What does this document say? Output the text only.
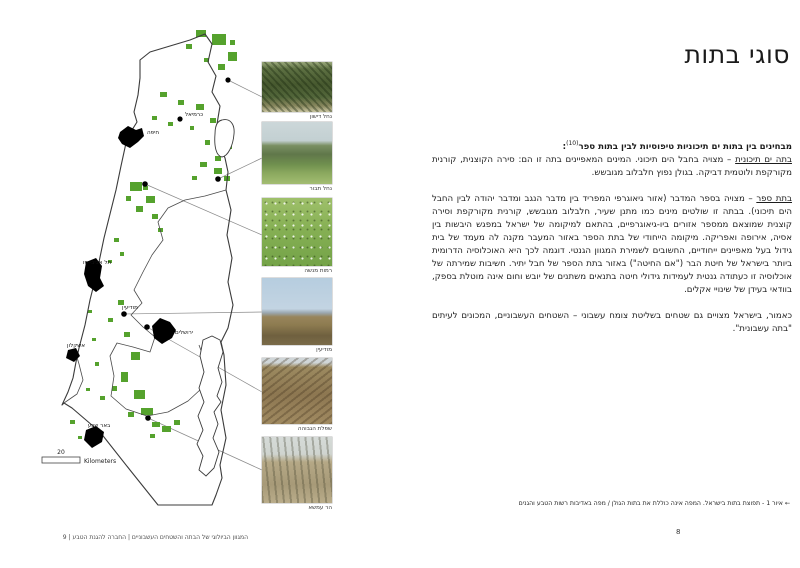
כרמיאל
חיפה
תל אביב-יפו
אשקלון
באר שבע
ירושלים
מודיעין
20
Kilometers
נחל דישון
נחל תבור
רמות מנשה
מודיעין
שפלת הגבוהה
הר עמשא
סוגי בתות

מבחינים בין בתות ים תיכוניות טיפוסיות לבין בתות ספר$^{(10)}$:
בתה ים תיכונית – מצויה בחבל הים תיכוני. המינים המאפיינים בתה זו הם: סירה הקוצנית, קורנית מקורקפת ולוטמית דביקה. בגולן נפוץ חלבלוב מגובשש.

בתת ספר – מצויה בספר המדבר (אזור גיאוגרפי המפריד בין מדבר הנגב ומדבר יהודה לבין החבל הים תיכוני). בבתה זו שולטים מינים כמו מתנן שעיר, חלבלוב מגובשש, קורנית מקורקפת וסירה קוצנית שמוצאם ממספר אזורים ביו-גיאוגרפיים, בהתאם למיקומה של ישראל במפגש היבשות בין אסיה, אירופה ואפריקה. מיקומה הייחודי של בתת הספר באזור המעבר מקנה לה מעמד של בית גידול בעל מאפיינים ייחודיים, החשובים לשמירת המגוון הגנטי. דוגמה לכך היא האוכלוסיה הדרומית ביותר בישראל של חיטת הבר ("אם החיטה") באזור בתת הספר של חבל יתיר. חשיבות שמירתה של אוכלוסיה זו כעתודה גנטית לעמידות גידולי חיטה בתנאים משתנים של יובש וחום אינה מוטלת בספק, בוודאי בעידן של שינויי אקלים.

כאמור, בישראל מצויים גם שטחים בשליטת צומח עשבוני – השטחים העשבוניים, המכונים לעיתים "בתה עשבונית".

← איור 1 - תפוצת בתות בישראל. המפה אינה כוללת את בתות הגולן / מפה באדיבות רשות הטבע והגנים
8
המגוון הביולוגי של הבתה והשטחים העשבוניים | החברה להגנת הטבע | 9
